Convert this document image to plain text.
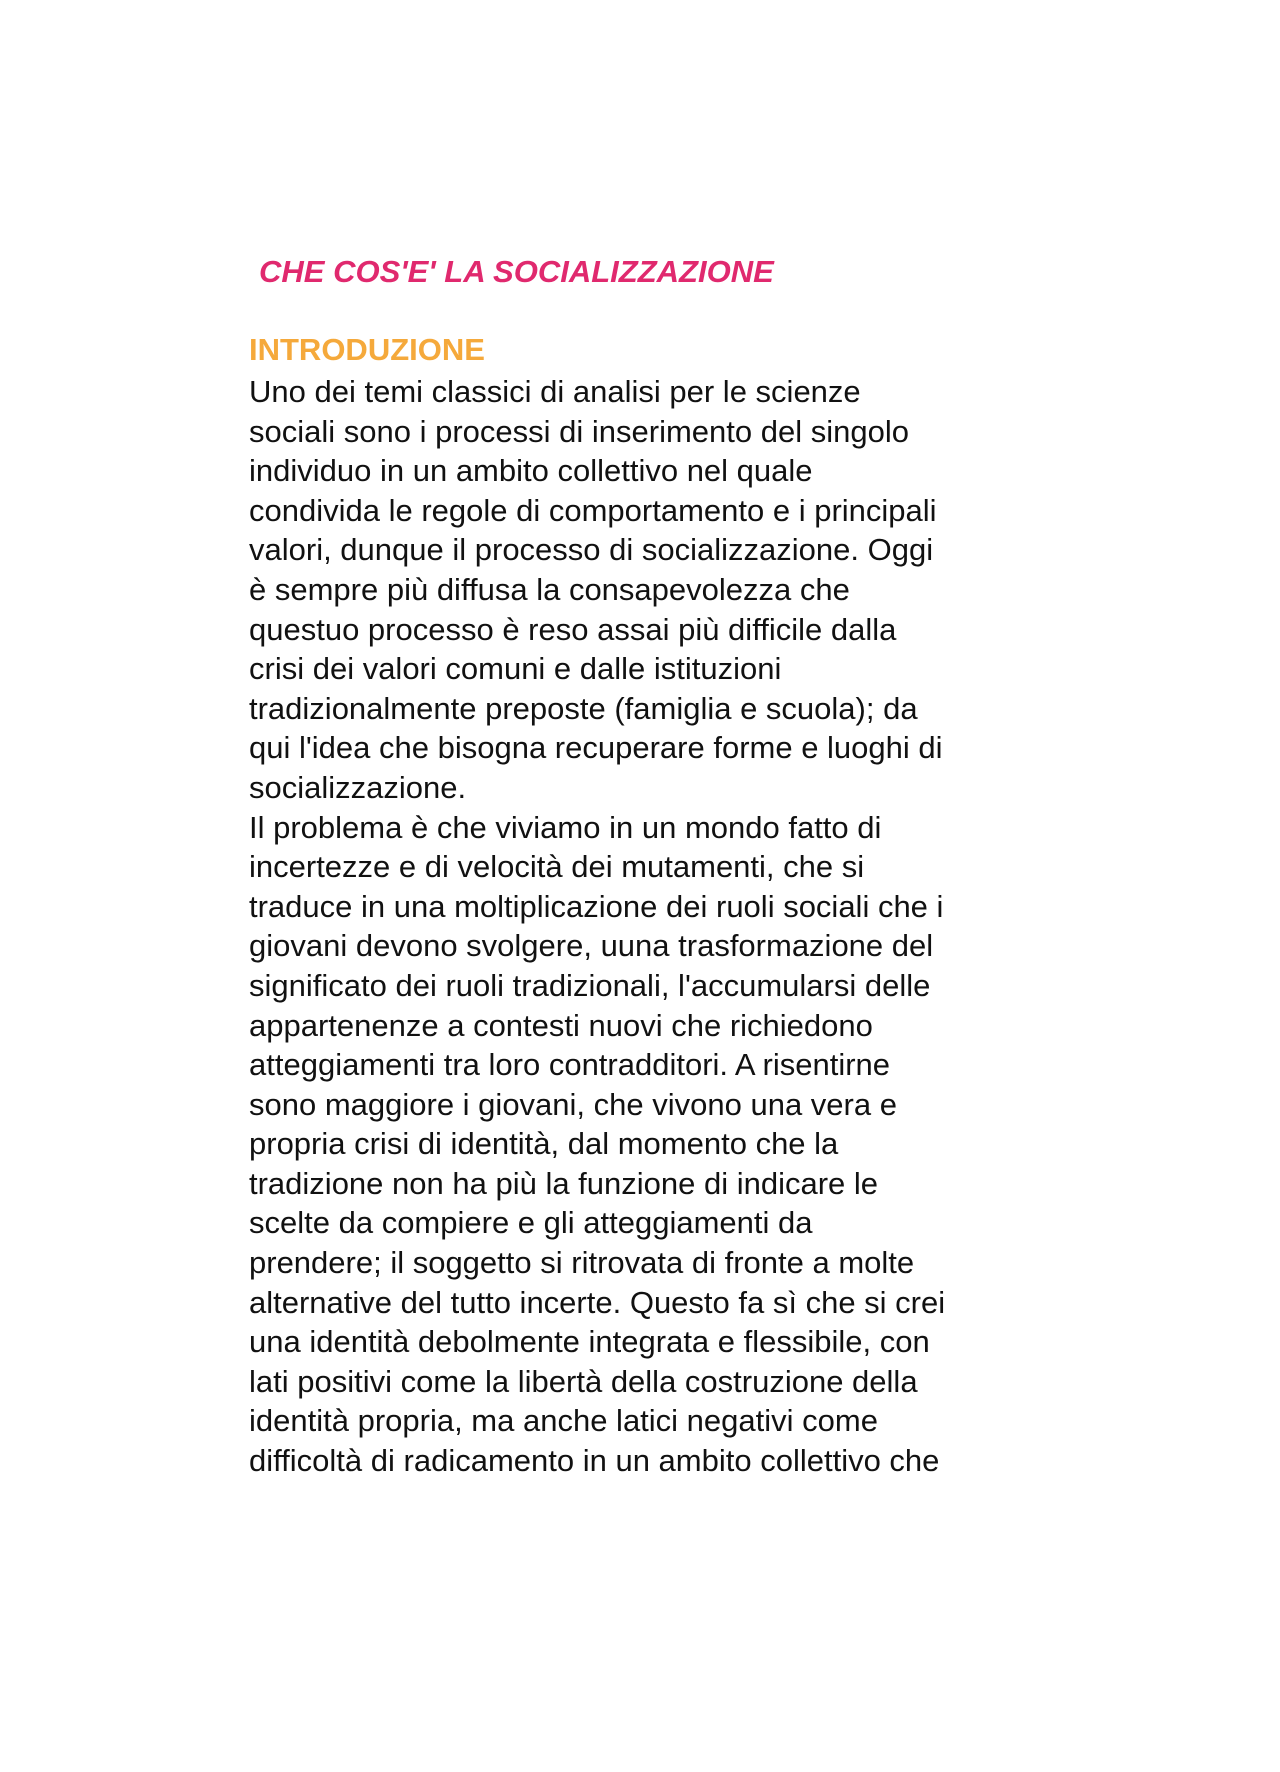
CHE COS'E' LA SOCIALIZZAZIONE
INTRODUZIONE
Uno dei temi classici di analisi per le scienze
sociali sono i processi di inserimento del singolo
individuo in un ambito collettivo nel quale
condivida le regole di comportamento e i principali
valori, dunque il processo di socializzazione. Oggi
è sempre più diffusa la consapevolezza che
questuo processo è reso assai più difficile dalla
crisi dei valori comuni e dalle istituzioni
tradizionalmente preposte (famiglia e scuola); da
qui l'idea che bisogna recuperare forme e luoghi di
socializzazione.
Il problema è che viviamo in un mondo fatto di
incertezze e di velocità dei mutamenti, che si
traduce in una moltiplicazione dei ruoli sociali che i
giovani devono svolgere, uuna trasformazione del
significato dei ruoli tradizionali, l'accumularsi delle
appartenenze a contesti nuovi che richiedono
atteggiamenti tra loro contradditori. A risentirne
sono maggiore i giovani, che vivono una vera e
propria crisi di identità, dal momento che la
tradizione non ha più la funzione di indicare le
scelte da compiere e gli atteggiamenti da
prendere; il soggetto si ritrovata di fronte a molte
alternative del tutto incerte. Questo fa sì che si crei
una identità debolmente integrata e flessibile, con
lati positivi come la libertà della costruzione della
identità propria, ma anche latici negativi come
difficoltà di radicamento in un ambito collettivo che
